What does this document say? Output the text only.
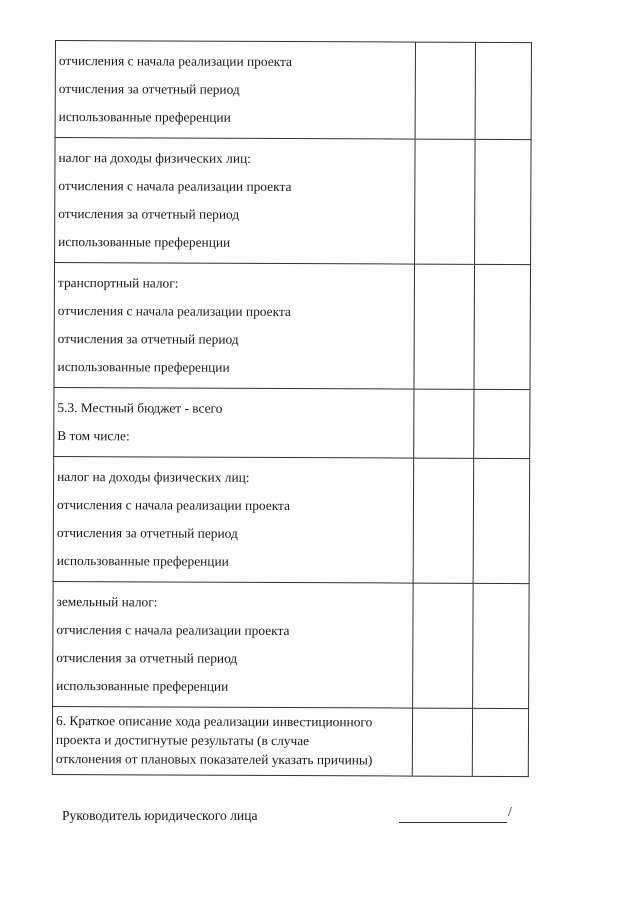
отчисления с начала реализации проекта
отчисления за отчетный период
использованные преференции		

налог на доходы физических лиц:
отчисления с начала реализации проекта
отчисления за отчетный период
использованные преференции		

транспортный налог:
отчисления с начала реализации проекта
отчисления за отчетный период
использованные преференции		

5.3. Местный бюджет - всего
В том числе:		

налог на доходы физических лиц:
отчисления с начала реализации проекта
отчисления за отчетный период
использованные преференции		

земельный налог:
отчисления с начала реализации проекта
отчисления за отчетный период
использованные преференции		

6. Краткое описание хода реализации инвестиционного
проекта и достигнутые результаты (в случае
отклонения от плановых показателей указать причины)		

Руководитель юридического лица	/
